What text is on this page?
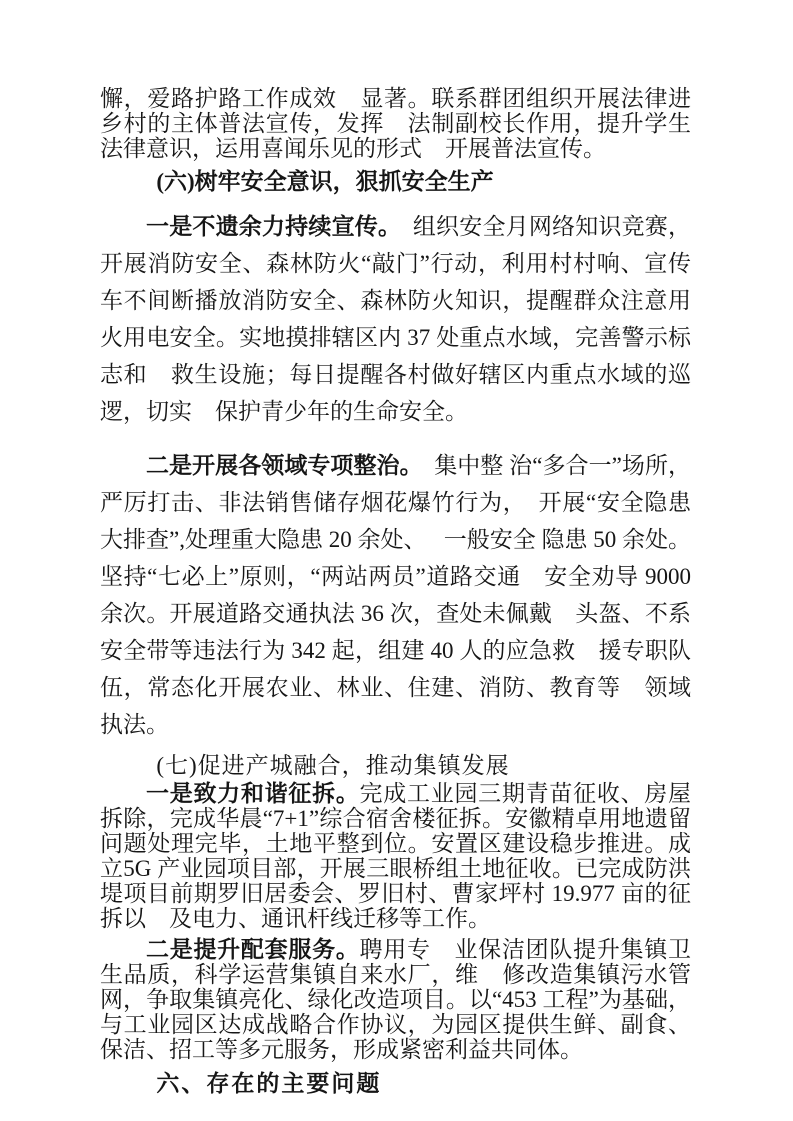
懈，爱路护路工作成效　显著。联系群团组织开展法律进乡村的主体普法宣传，发挥　法制副校长作用，提升学生法律意识，运用喜闻乐见的形式　开展普法宣传。

(六)树牢安全意识，狠抓安全生产

一是不遗余力持续宣传。　组织安全月网络知识竞赛，开展消防安全、森林防火“敲门”行动，利用村村响、宣传车不间断播放消防安全、森林防火知识，提醒群众注意用火用电安全。实地摸排辖区内 37 处重点水域，完善警示标志和　救生设施；每日提醒各村做好辖区内重点水域的巡逻，切实　保护青少年的生命安全。

二是开展各领域专项整治。　集中整 治“多合一”场所，严厉打击、非法销售储存烟花爆竹行为，　开展“安全隐患大排查”,处理重大隐患 20 余处、　 一般安全 隐患 50 余处。坚持“七必上”原则，“两站两员”道路交通　安全劝导 9000 余次。开展道路交通执法 36 次，查处未佩戴　头盔、不系安全带等违法行为 342 起，组建 40 人的应急救　援专职队伍，常态化开展农业、林业、住建、消防、教育等　领域执法。

(七)促进产城融合，推动集镇发展

一是致力和谐征拆。完成工业园三期青苗征收、房屋拆除，完成华晨“7+1”综合宿舍楼征拆。安徽精卓用地遗留问题处理完毕，土地平整到位。安置区建设稳步推进。成立5G 产业园项目部，开展三眼桥组土地征收。已完成防洪堤项目前期罗旧居委会、罗旧村、曹家坪村 19.977 亩的征拆以　及电力、通讯杆线迁移等工作。

二是提升配套服务。聘用专　业保洁团队提升集镇卫生品质，科学运营集镇自来水厂，维　修改造集镇污水管网，争取集镇亮化、绿化改造项目。以“453 工程”为基础，与工业园区达成战略合作协议，为园区提供生鲜、副食、保洁、招工等多元服务，形成紧密利益共同体。

六、存在的主要问题
